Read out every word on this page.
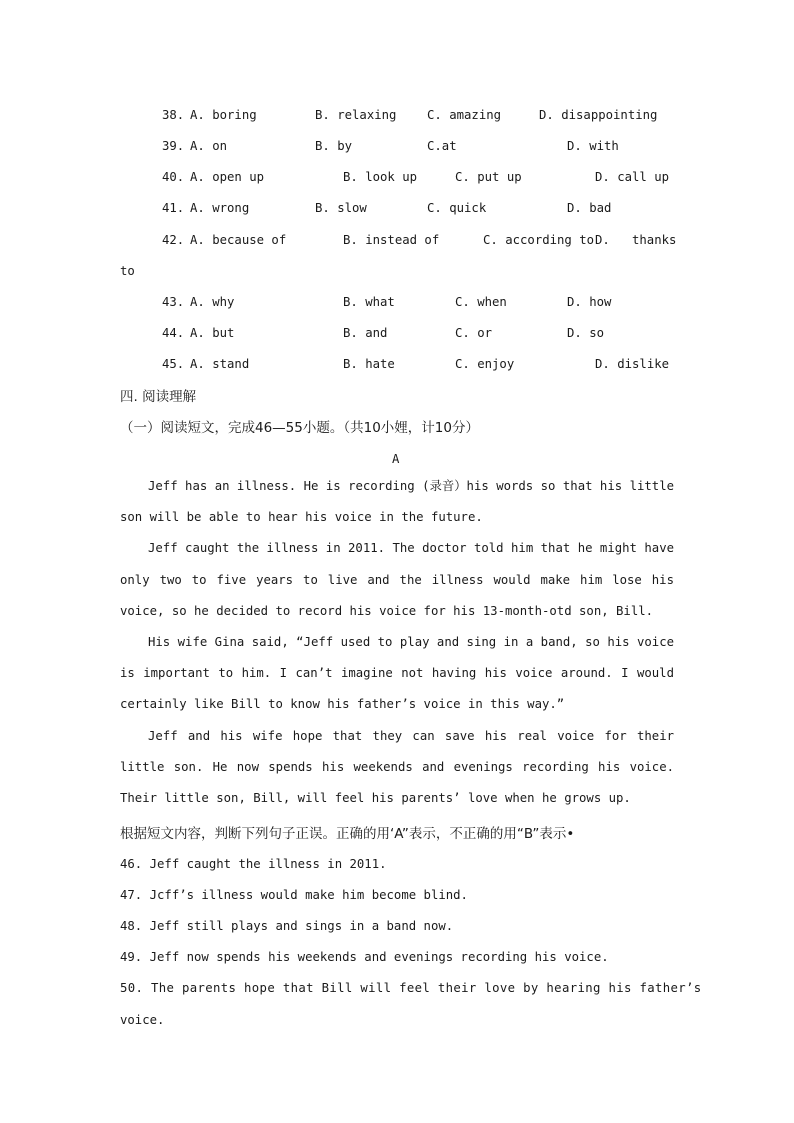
38. A. boring	B. relaxing C. amazing	D. disappointing
39. A. on	B. by	C.at	D. with
40. A. open up	B. look up	C. put up	D. call up
41. A. wrong	B. slow	C. quick	D. bad
42. A. because of	B. instead of	C. according to D. thanks
to
43. A. why	B. what	C. when	D. how
44. A. but	B. and	C. or	D. so
45. A. stand	B. hate	C. enjoy	D. dislike
四. 阅读理解
（一）阅读短文，完成46—55小题。（共10小娌，计10分）
A

Jeff has an illness. He is recording (录音）his words so that his little son will be able to hear his voice in the future.

Jeff caught the illness in 2011. The doctor told him that he might have only two to five years to live and the illness would make him lose his voice, so he decided to record his voice for his 13-month-otd son, Bill.

His wife Gina said, “Jeff used to play and sing in a band, so his voice is important to him. I can’t imagine not having his voice around. I would certainly like Bill to know his father’s voice in this way.”

Jeff and his wife hope that they can save his real voice for their little son. He now spends his weekends and evenings recording his voice. Their little son, Bill, will feel his parents’ love when he grows up.

根据短文内容，判断下列句子正误。正确的用‘A”表示，不正确的用“B”表示•
46. Jeff caught the illness in 2011.
47. Jcff’s illness would make him become blind.
48. Jeff still plays and sings in a band now.
49. Jeff now spends his weekends and evenings recording his voice.
50. The parents hope that Bill will feel their love by hearing his father’s
voice.
